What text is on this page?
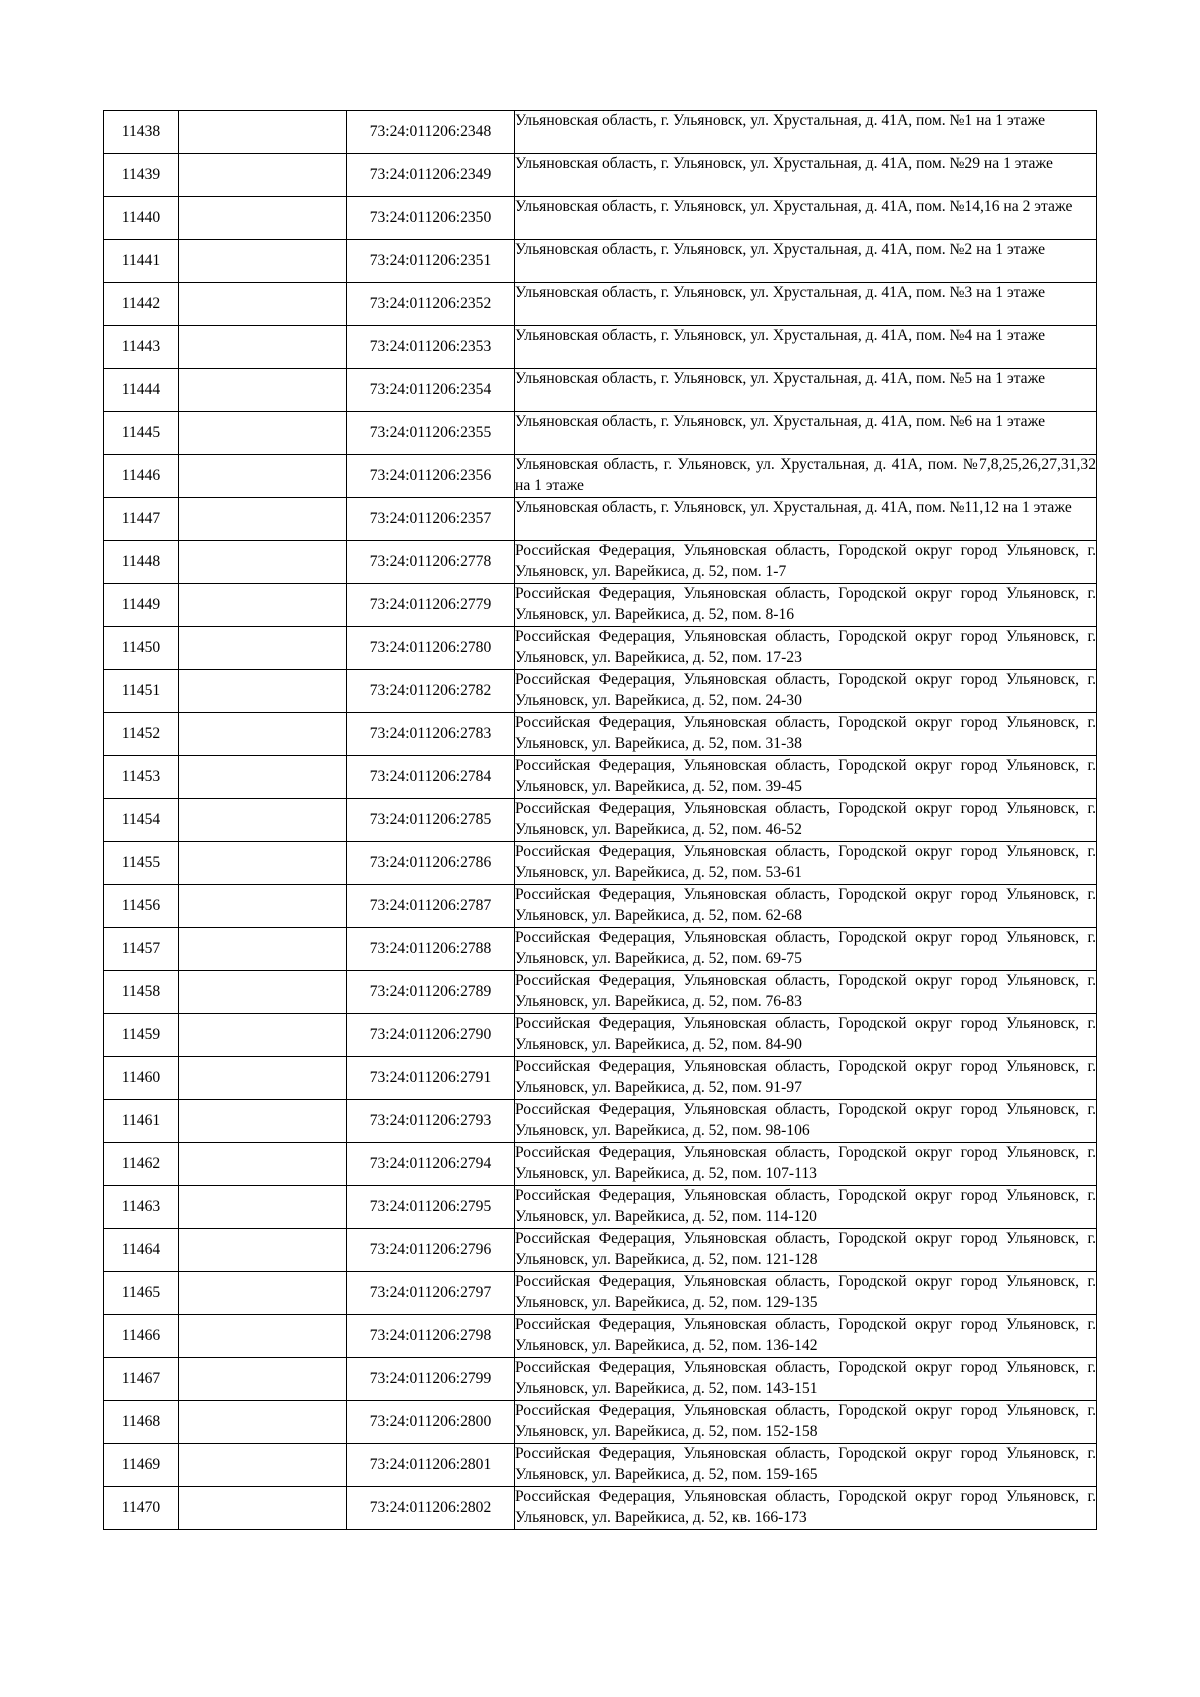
11438		73:24:011206:2348	Ульяновская область, г. Ульяновск, ул. Хрустальная, д. 41А, пом. №1 на 1 этаже
11439		73:24:011206:2349	Ульяновская область, г. Ульяновск, ул. Хрустальная, д. 41А, пом. №29 на 1 этаже
11440		73:24:011206:2350	Ульяновская область, г. Ульяновск, ул. Хрустальная, д. 41А, пом. №14,16 на 2 этаже
11441		73:24:011206:2351	Ульяновская область, г. Ульяновск, ул. Хрустальная, д. 41А, пом. №2 на 1 этаже
11442		73:24:011206:2352	Ульяновская область, г. Ульяновск, ул. Хрустальная, д. 41А, пом. №3 на 1 этаже
11443		73:24:011206:2353	Ульяновская область, г. Ульяновск, ул. Хрустальная, д. 41А, пом. №4 на 1 этаже
11444		73:24:011206:2354	Ульяновская область, г. Ульяновск, ул. Хрустальная, д. 41А, пом. №5 на 1 этаже
11445		73:24:011206:2355	Ульяновская область, г. Ульяновск, ул. Хрустальная, д. 41А, пом. №6 на 1 этаже
11446		73:24:011206:2356	Ульяновская область, г. Ульяновск, ул. Хрустальная, д. 41А, пом. №7,8,25,26,27,31,32 на 1 этаже
11447		73:24:011206:2357	Ульяновская область, г. Ульяновск, ул. Хрустальная, д. 41А, пом. №11,12 на 1 этаже
11448		73:24:011206:2778	Российская Федерация, Ульяновская область, Городской округ город Ульяновск, г. Ульяновск, ул. Варейкиса, д. 52, пом. 1-7
11449		73:24:011206:2779	Российская Федерация, Ульяновская область, Городской округ город Ульяновск, г. Ульяновск, ул. Варейкиса, д. 52, пом. 8-16
11450		73:24:011206:2780	Российская Федерация, Ульяновская область, Городской округ город Ульяновск, г. Ульяновск, ул. Варейкиса, д. 52, пом. 17-23
11451		73:24:011206:2782	Российская Федерация, Ульяновская область, Городской округ город Ульяновск, г. Ульяновск, ул. Варейкиса, д. 52, пом. 24-30
11452		73:24:011206:2783	Российская Федерация, Ульяновская область, Городской округ город Ульяновск, г. Ульяновск, ул. Варейкиса, д. 52, пом. 31-38
11453		73:24:011206:2784	Российская Федерация, Ульяновская область, Городской округ город Ульяновск, г. Ульяновск, ул. Варейкиса, д. 52, пом. 39-45
11454		73:24:011206:2785	Российская Федерация, Ульяновская область, Городской округ город Ульяновск, г. Ульяновск, ул. Варейкиса, д. 52, пом. 46-52
11455		73:24:011206:2786	Российская Федерация, Ульяновская область, Городской округ город Ульяновск, г. Ульяновск, ул. Варейкиса, д. 52, пом. 53-61
11456		73:24:011206:2787	Российская Федерация, Ульяновская область, Городской округ город Ульяновск, г. Ульяновск, ул. Варейкиса, д. 52, пом. 62-68
11457		73:24:011206:2788	Российская Федерация, Ульяновская область, Городской округ город Ульяновск, г. Ульяновск, ул. Варейкиса, д. 52, пом. 69-75
11458		73:24:011206:2789	Российская Федерация, Ульяновская область, Городской округ город Ульяновск, г. Ульяновск, ул. Варейкиса, д. 52, пом. 76-83
11459		73:24:011206:2790	Российская Федерация, Ульяновская область, Городской округ город Ульяновск, г. Ульяновск, ул. Варейкиса, д. 52, пом. 84-90
11460		73:24:011206:2791	Российская Федерация, Ульяновская область, Городской округ город Ульяновск, г. Ульяновск, ул. Варейкиса, д. 52, пом. 91-97
11461		73:24:011206:2793	Российская Федерация, Ульяновская область, Городской округ город Ульяновск, г. Ульяновск, ул. Варейкиса, д. 52, пом. 98-106
11462		73:24:011206:2794	Российская Федерация, Ульяновская область, Городской округ город Ульяновск, г. Ульяновск, ул. Варейкиса, д. 52, пом. 107-113
11463		73:24:011206:2795	Российская Федерация, Ульяновская область, Городской округ город Ульяновск, г. Ульяновск, ул. Варейкиса, д. 52, пом. 114-120
11464		73:24:011206:2796	Российская Федерация, Ульяновская область, Городской округ город Ульяновск, г. Ульяновск, ул. Варейкиса, д. 52, пом. 121-128
11465		73:24:011206:2797	Российская Федерация, Ульяновская область, Городской округ город Ульяновск, г. Ульяновск, ул. Варейкиса, д. 52, пом. 129-135
11466		73:24:011206:2798	Российская Федерация, Ульяновская область, Городской округ город Ульяновск, г. Ульяновск, ул. Варейкиса, д. 52, пом. 136-142
11467		73:24:011206:2799	Российская Федерация, Ульяновская область, Городской округ город Ульяновск, г. Ульяновск, ул. Варейкиса, д. 52, пом. 143-151
11468		73:24:011206:2800	Российская Федерация, Ульяновская область, Городской округ город Ульяновск, г. Ульяновск, ул. Варейкиса, д. 52, пом. 152-158
11469		73:24:011206:2801	Российская Федерация, Ульяновская область, Городской округ город Ульяновск, г. Ульяновск, ул. Варейкиса, д. 52, пом. 159-165
11470		73:24:011206:2802	Российская Федерация, Ульяновская область, Городской округ город Ульяновск, г. Ульяновск, ул. Варейкиса, д. 52, кв. 166-173
